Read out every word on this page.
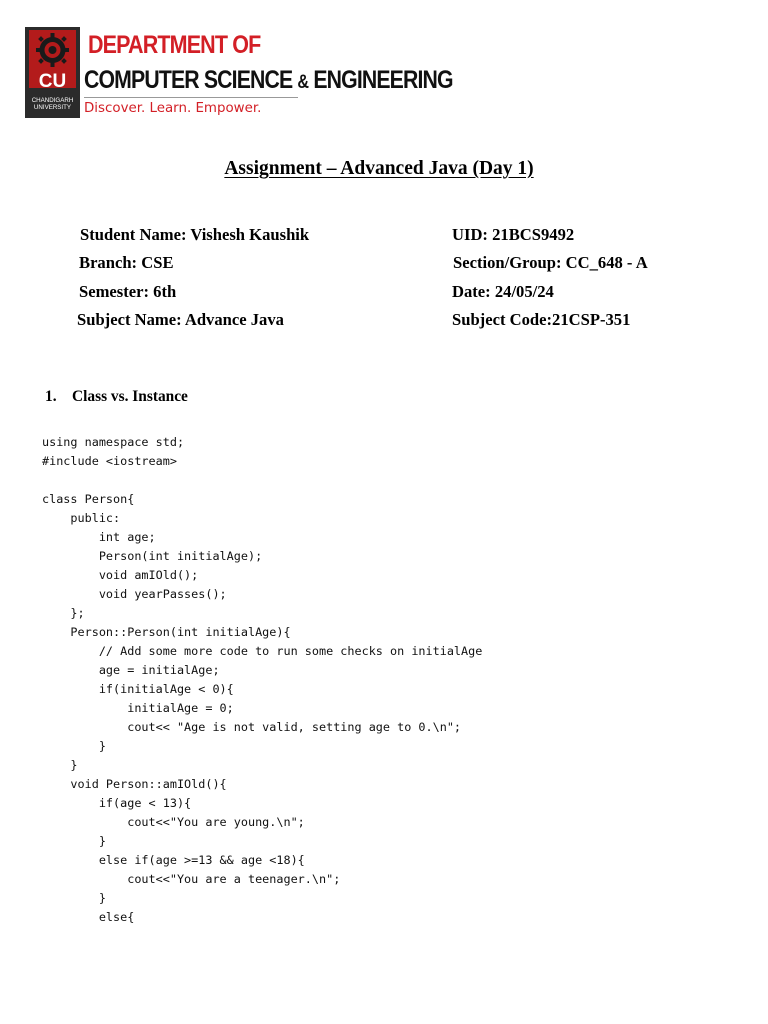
CU
CHANDIGARH
UNIVERSITY
DEPARTMENT OF
COMPUTER SCIENCE & ENGINEERING
Discover. Learn. Empower.
Assignment – Advanced Java (Day 1)
Student Name: Vishesh Kaushik	UID: 21BCS9492
Branch: CSE	Section/Group: CC_648 - A
Semester: 6th	Date: 24/05/24
Subject Name: Advance Java	Subject Code:21CSP-351
1. Class vs. Instance
using namespace std;
#include <iostream>
class Person{
public:
int age;
Person(int initialAge);
void amIOld();
void yearPasses();
};
Person::Person(int initialAge){
// Add some more code to run some checks on initialAge
age = initialAge;
if(initialAge < 0){
initialAge = 0;
cout<< "Age is not valid, setting age to 0.\n";
}
}
void Person::amIOld(){
if(age < 13){
cout<<"You are young.\n";
}
else if(age >=13 && age <18){
cout<<"You are a teenager.\n";
}
else{
